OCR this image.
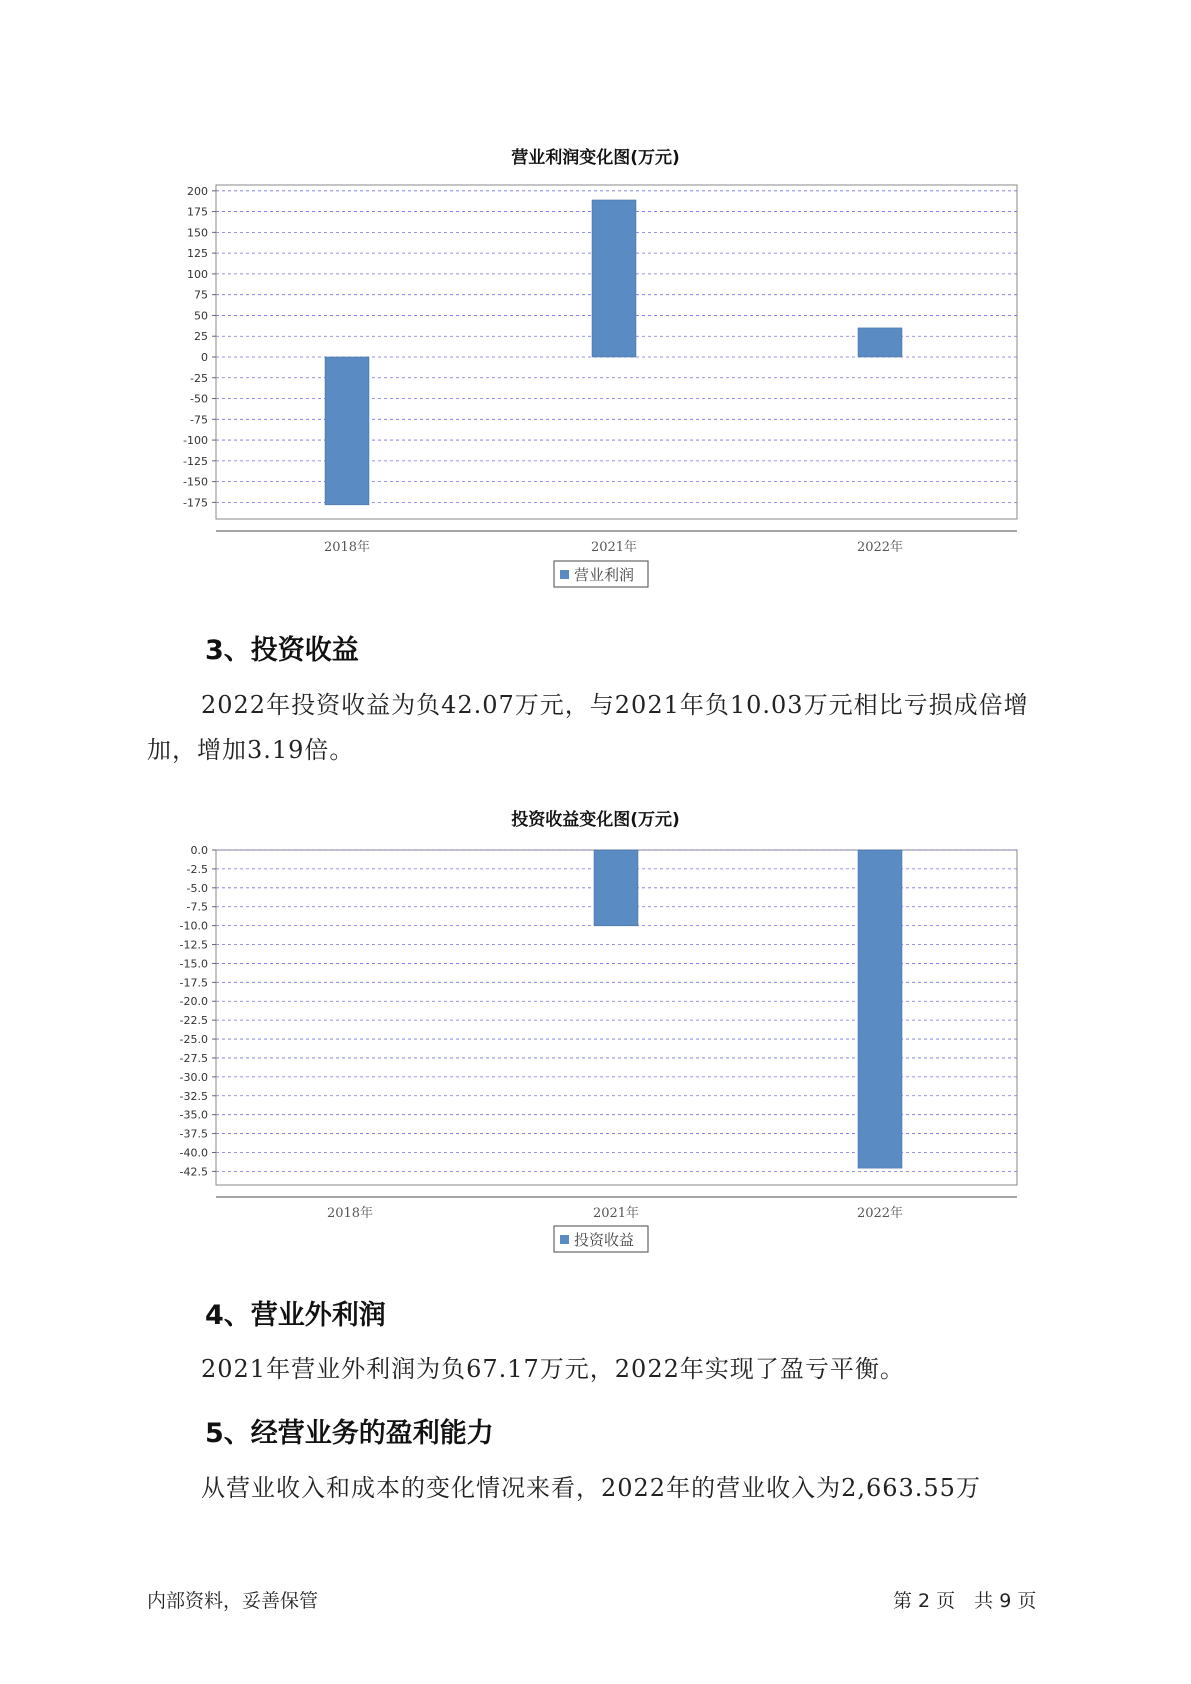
营业利润变化图(万元)
200
175
150
125
100
75
50
25
0
-25
-50
-75
-100
-125
-150
-175
2018年	2021年	2022年
营业利润
3、投资收益

2022年投资收益为负42.07万元，与2021年负10.03万元相比亏损成倍增加，增加3.19倍。

投资收益变化图(万元)
0.0
-2.5
-5.0
-7.5
-10.0
-12.5
-15.0
-17.5
-20.0
-22.5
-25.0
-27.5
-30.0
-32.5
-35.0
-37.5
-40.0
-42.5
2018年	2021年	2022年
投资收益
4、营业外利润

2021年营业外利润为负67.17万元，2022年实现了盈亏平衡。

5、经营业务的盈利能力

从营业收入和成本的变化情况来看，2022年的营业收入为2,663.55万

内部资料，妥善保管	第 2 页　共 9 页
